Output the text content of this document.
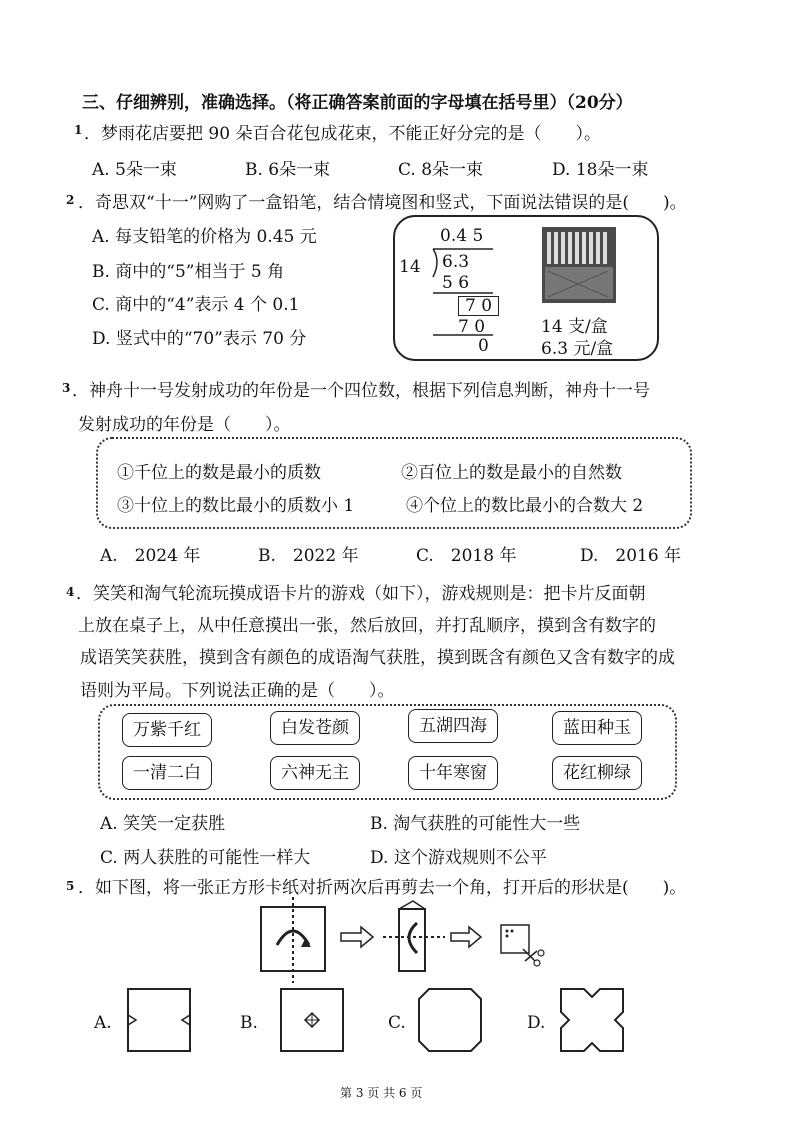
三、仔细辨别，准确选择。（将正确答案前面的字母填在括号里）（20分）
1 ．梦雨花店要把 90 朵百合花包成花束，不能正好分完的是（　　）。
A. 5朵一束	B. 6朵一束	C. 8朵一束	D. 18朵一束
2 ．奇思双“十一”网购了一盒铅笔，结合情境图和竖式，下面说法错误的是(　　)。
A. 每支铅笔的价格为 0.45 元
B. 商中的“5”相当于 5 角
C. 商中的“4”表示 4 个 0.1
D. 竖式中的“70”表示 70 分
0.4 5
14 6.3
5 6
7 0
7 0
0
14 支/盒
6.3 元/盒
3 ．神舟十一号发射成功的年份是一个四位数，根据下列信息判断，神舟十一号
发射成功的年份是（　　）。
①千位上的数是最小的质数	②百位上的数是最小的自然数
③十位上的数比最小的质数小 1	④个位上的数比最小的合数大 2
A.　2024 年	B.　2022 年	C.　2018 年	D.　2016 年
4 ．笑笑和淘气轮流玩摸成语卡片的游戏（如下），游戏规则是：把卡片反面朝
上放在桌子上，从中任意摸出一张，然后放回，并打乱顺序，摸到含有数字的
成语笑笑获胜，摸到含有颜色的成语淘气获胜，摸到既含有颜色又含有数字的成
语则为平局。下列说法正确的是（　　）。
万紫千红	白发苍颜	五湖四海	蓝田种玉
一清二白	六神无主	十年寒窗	花红柳绿
A. 笑笑一定获胜	B. 淘气获胜的可能性大一些
C. 两人获胜的可能性一样大	D. 这个游戏规则不公平
5 ．如下图，将一张正方形卡纸对折两次后再剪去一个角，打开后的形状是(　　)。
A.	B.	C.	D.
第 3 页 共 6 页
